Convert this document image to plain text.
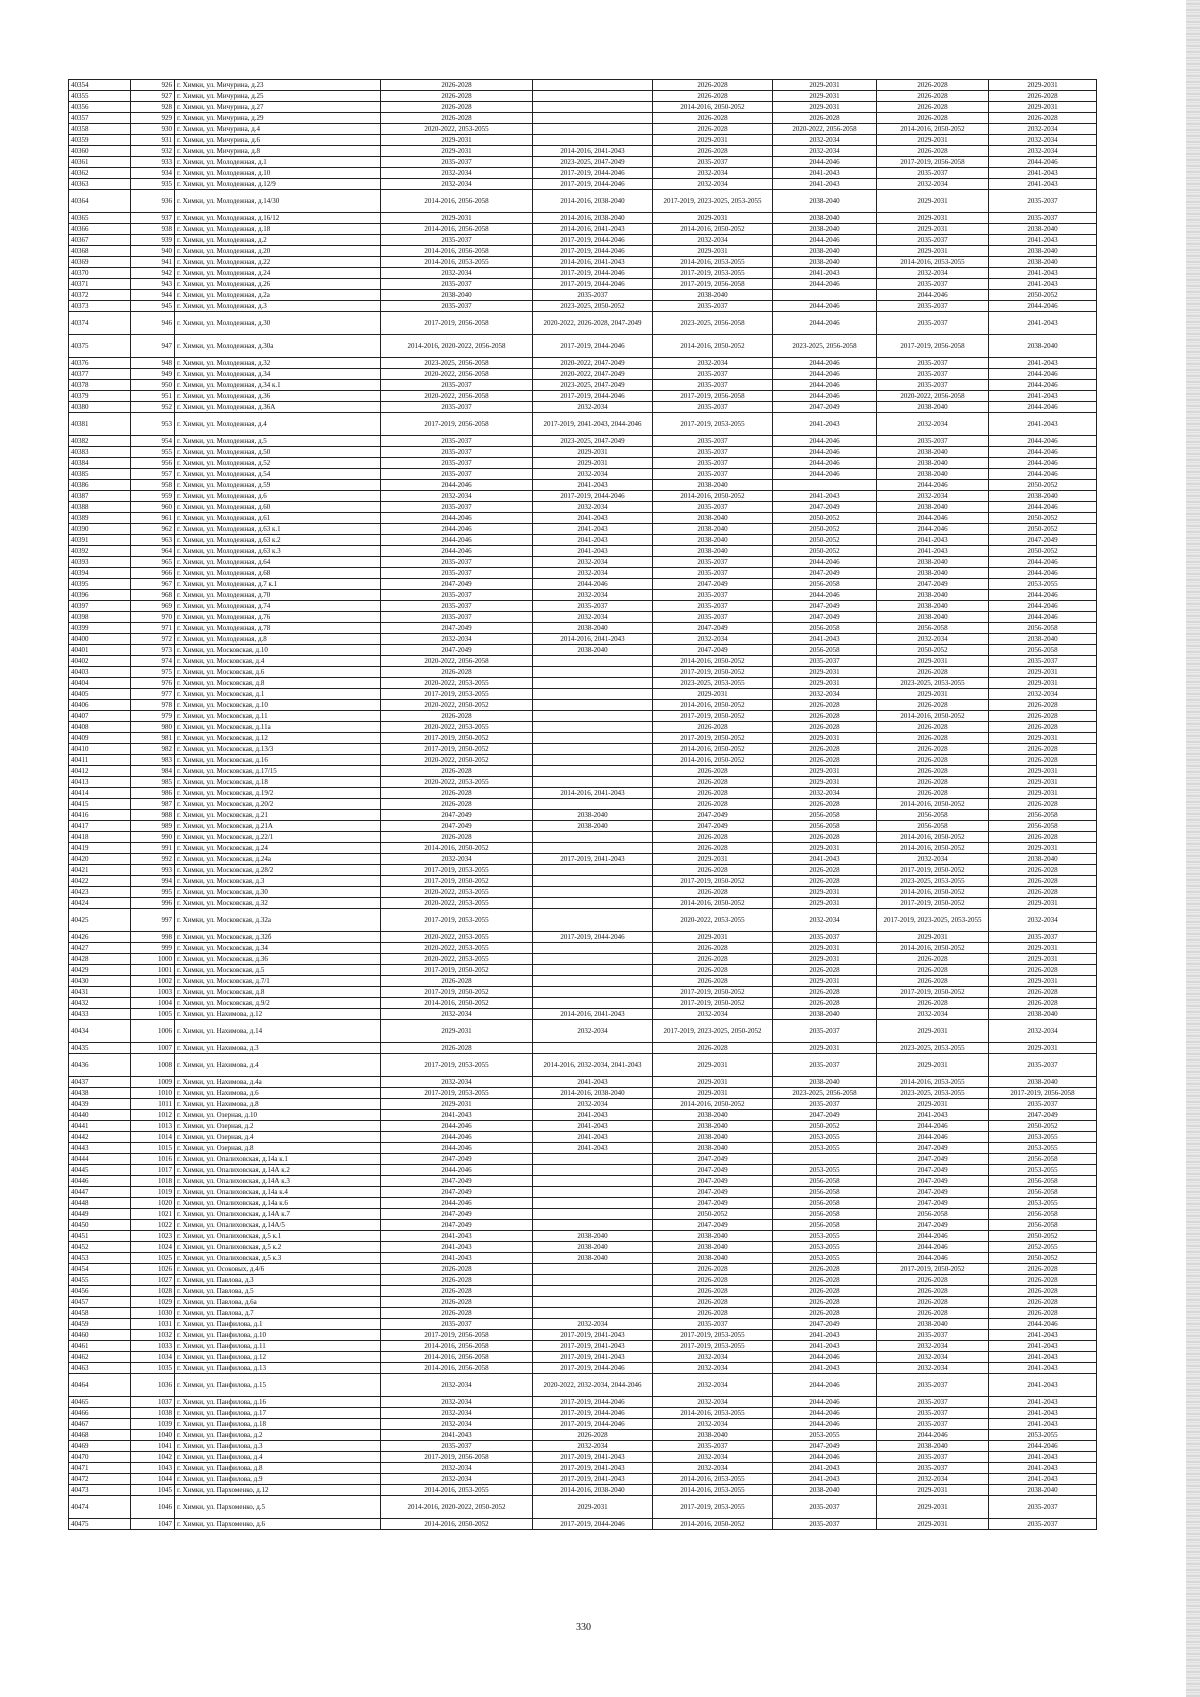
40354	926	г. Химки, ул. Мичурина, д.23	2026-2028		2026-2028	2029-2031	2026-2028	2029-2031
40355	927	г. Химки, ул. Мичурина, д.25	2026-2028		2026-2028	2029-2031	2026-2028	2026-2028
40356	928	г. Химки, ул. Мичурина, д.27	2026-2028		2014-2016, 2050-2052	2029-2031	2026-2028	2029-2031
40357	929	г. Химки, ул. Мичурина, д.29	2026-2028		2026-2028	2026-2028	2026-2028	2026-2028
40358	930	г. Химки, ул. Мичурина, д.4	2020-2022, 2053-2055		2026-2028	2020-2022, 2056-2058	2014-2016, 2050-2052	2032-2034
40359	931	г. Химки, ул. Мичурина, д.6	2029-2031		2029-2031	2032-2034	2029-2031	2032-2034
40360	932	г. Химки, ул. Мичурина, д.8	2029-2031	2014-2016, 2041-2043	2026-2028	2032-2034	2026-2028	2032-2034
40361	933	г. Химки, ул. Молодежная, д.1	2035-2037	2023-2025, 2047-2049	2035-2037	2044-2046	2017-2019, 2056-2058	2044-2046
40362	934	г. Химки, ул. Молодежная, д.10	2032-2034	2017-2019, 2044-2046	2032-2034	2041-2043	2035-2037	2041-2043
40363	935	г. Химки, ул. Молодежная, д.12/9	2032-2034	2017-2019, 2044-2046	2032-2034	2041-2043	2032-2034	2041-2043
40364	936	г. Химки, ул. Молодежная, д.14/30	2014-2016, 2056-2058	2014-2016, 2038-2040	2017-2019, 2023-2025, 2053-2055	2038-2040	2029-2031	2035-2037
40365	937	г. Химки, ул. Молодежная, д.16/12	2029-2031	2014-2016, 2038-2040	2029-2031	2038-2040	2029-2031	2035-2037
40366	938	г. Химки, ул. Молодежная, д.18	2014-2016, 2056-2058	2014-2016, 2041-2043	2014-2016, 2050-2052	2038-2040	2029-2031	2038-2040
40367	939	г. Химки, ул. Молодежная, д.2	2035-2037	2017-2019, 2044-2046	2032-2034	2044-2046	2035-2037	2041-2043
40368	940	г. Химки, ул. Молодежная, д.20	2014-2016, 2056-2058	2017-2019, 2044-2046	2029-2031	2038-2040	2029-2031	2038-2040
40369	941	г. Химки, ул. Молодежная, д.22	2014-2016, 2053-2055	2014-2016, 2041-2043	2014-2016, 2053-2055	2038-2040	2014-2016, 2053-2055	2038-2040
40370	942	г. Химки, ул. Молодежная, д.24	2032-2034	2017-2019, 2044-2046	2017-2019, 2053-2055	2041-2043	2032-2034	2041-2043
40371	943	г. Химки, ул. Молодежная, д.26	2035-2037	2017-2019, 2044-2046	2017-2019, 2056-2058	2044-2046	2035-2037	2041-2043
40372	944	г. Химки, ул. Молодежная, д.2а	2038-2040	2035-2037	2038-2040		2044-2046	2050-2052
40373	945	г. Химки, ул. Молодежная, д.3	2035-2037	2023-2025, 2050-2052	2035-2037	2044-2046	2035-2037	2044-2046
40374	946	г. Химки, ул. Молодежная, д.30	2017-2019, 2056-2058	2020-2022, 2026-2028, 2047-2049	2023-2025, 2056-2058	2044-2046	2035-2037	2041-2043
40375	947	г. Химки, ул. Молодежная, д.30а	2014-2016, 2020-2022, 2056-2058	2017-2019, 2044-2046	2014-2016, 2050-2052	2023-2025, 2056-2058	2017-2019, 2056-2058	2038-2040
40376	948	г. Химки, ул. Молодежная, д.32	2023-2025, 2056-2058	2020-2022, 2047-2049	2032-2034	2044-2046	2035-2037	2041-2043
40377	949	г. Химки, ул. Молодежная, д.34	2020-2022, 2056-2058	2020-2022, 2047-2049	2035-2037	2044-2046	2035-2037	2044-2046
40378	950	г. Химки, ул. Молодежная, д.34 к.1	2035-2037	2023-2025, 2047-2049	2035-2037	2044-2046	2035-2037	2044-2046
40379	951	г. Химки, ул. Молодежная, д.36	2020-2022, 2056-2058	2017-2019, 2044-2046	2017-2019, 2056-2058	2044-2046	2020-2022, 2056-2058	2041-2043
40380	952	г. Химки, ул. Молодежная, д.36А	2035-2037	2032-2034	2035-2037	2047-2049	2038-2040	2044-2046
40381	953	г. Химки, ул. Молодежная, д.4	2017-2019, 2056-2058	2017-2019, 2041-2043, 2044-2046	2017-2019, 2053-2055	2041-2043	2032-2034	2041-2043
40382	954	г. Химки, ул. Молодежная, д.5	2035-2037	2023-2025, 2047-2049	2035-2037	2044-2046	2035-2037	2044-2046
40383	955	г. Химки, ул. Молодежная, д.50	2035-2037	2029-2031	2035-2037	2044-2046	2038-2040	2044-2046
40384	956	г. Химки, ул. Молодежная, д.52	2035-2037	2029-2031	2035-2037	2044-2046	2038-2040	2044-2046
40385	957	г. Химки, ул. Молодежная, д.54	2035-2037	2032-2034	2035-2037	2044-2046	2038-2040	2044-2046
40386	958	г. Химки, ул. Молодежная, д.59	2044-2046	2041-2043	2038-2040		2044-2046	2050-2052
40387	959	г. Химки, ул. Молодежная, д.6	2032-2034	2017-2019, 2044-2046	2014-2016, 2050-2052	2041-2043	2032-2034	2038-2040
40388	960	г. Химки, ул. Молодежная, д.60	2035-2037	2032-2034	2035-2037	2047-2049	2038-2040	2044-2046
40389	961	г. Химки, ул. Молодежная, д.61	2044-2046	2041-2043	2038-2040	2050-2052	2044-2046	2050-2052
40390	962	г. Химки, ул. Молодежная, д.63 к.1	2044-2046	2041-2043	2038-2040	2050-2052	2044-2046	2050-2052
40391	963	г. Химки, ул. Молодежная, д.63 к.2	2044-2046	2041-2043	2038-2040	2050-2052	2041-2043	2047-2049
40392	964	г. Химки, ул. Молодежная, д.63 к.3	2044-2046	2041-2043	2038-2040	2050-2052	2041-2043	2050-2052
40393	965	г. Химки, ул. Молодежная, д.64	2035-2037	2032-2034	2035-2037	2044-2046	2038-2040	2044-2046
40394	966	г. Химки, ул. Молодежная, д.68	2035-2037	2032-2034	2035-2037	2047-2049	2038-2040	2044-2046
40395	967	г. Химки, ул. Молодежная, д.7 к.1	2047-2049	2044-2046	2047-2049	2056-2058	2047-2049	2053-2055
40396	968	г. Химки, ул. Молодежная, д.70	2035-2037	2032-2034	2035-2037	2044-2046	2038-2040	2044-2046
40397	969	г. Химки, ул. Молодежная, д.74	2035-2037	2035-2037	2035-2037	2047-2049	2038-2040	2044-2046
40398	970	г. Химки, ул. Молодежная, д.76	2035-2037	2032-2034	2035-2037	2047-2049	2038-2040	2044-2046
40399	971	г. Химки, ул. Молодежная, д.78	2047-2049	2038-2040	2047-2049	2056-2058	2056-2058	2056-2058
40400	972	г. Химки, ул. Молодежная, д.8	2032-2034	2014-2016, 2041-2043	2032-2034	2041-2043	2032-2034	2038-2040
40401	973	г. Химки, ул. Московская, д.10	2047-2049	2038-2040	2047-2049	2056-2058	2050-2052	2056-2058
40402	974	г. Химки, ул. Московская, д.4	2020-2022, 2056-2058		2014-2016, 2050-2052	2035-2037	2029-2031	2035-2037
40403	975	г. Химки, ул. Московская, д.6	2026-2028		2017-2019, 2050-2052	2029-2031	2026-2028	2029-2031
40404	976	г. Химки, ул. Московская, д.8	2020-2022, 2053-2055		2023-2025, 2053-2055	2029-2031	2023-2025, 2053-2055	2029-2031
40405	977	г. Химки, ул. Московская, д.1	2017-2019, 2053-2055		2029-2031	2032-2034	2029-2031	2032-2034
40406	978	г. Химки, ул. Московская, д.10	2020-2022, 2050-2052		2014-2016, 2050-2052	2026-2028	2026-2028	2026-2028
40407	979	г. Химки, ул. Московская, д.11	2026-2028		2017-2019, 2050-2052	2026-2028	2014-2016, 2050-2052	2026-2028
40408	980	г. Химки, ул. Московская, д.11а	2020-2022, 2053-2055		2026-2028	2026-2028	2026-2028	2026-2028
40409	981	г. Химки, ул. Московская, д.12	2017-2019, 2050-2052		2017-2019, 2050-2052	2029-2031	2026-2028	2029-2031
40410	982	г. Химки, ул. Московская, д.13/3	2017-2019, 2050-2052		2014-2016, 2050-2052	2026-2028	2026-2028	2026-2028
40411	983	г. Химки, ул. Московская, д.16	2020-2022, 2050-2052		2014-2016, 2050-2052	2026-2028	2026-2028	2026-2028
40412	984	г. Химки, ул. Московская, д.17/15	2026-2028		2026-2028	2029-2031	2026-2028	2029-2031
40413	985	г. Химки, ул. Московская, д.18	2020-2022, 2053-2055		2026-2028	2029-2031	2026-2028	2029-2031
40414	986	г. Химки, ул. Московская, д.19/2	2026-2028	2014-2016, 2041-2043	2026-2028	2032-2034	2026-2028	2029-2031
40415	987	г. Химки, ул. Московская, д.20/2	2026-2028		2026-2028	2026-2028	2014-2016, 2050-2052	2026-2028
40416	988	г. Химки, ул. Московская, д.21	2047-2049	2038-2040	2047-2049	2056-2058	2056-2058	2056-2058
40417	989	г. Химки, ул. Московская, д.21А	2047-2049	2038-2040	2047-2049	2056-2058	2056-2058	2056-2058
40418	990	г. Химки, ул. Московская, д.22/1	2026-2028		2026-2028	2026-2028	2014-2016, 2050-2052	2026-2028
40419	991	г. Химки, ул. Московская, д.24	2014-2016, 2050-2052		2026-2028	2029-2031	2014-2016, 2050-2052	2029-2031
40420	992	г. Химки, ул. Московская, д.24а	2032-2034	2017-2019, 2041-2043	2029-2031	2041-2043	2032-2034	2038-2040
40421	993	г. Химки, ул. Московская, д.28/2	2017-2019, 2053-2055		2026-2028	2026-2028	2017-2019, 2050-2052	2026-2028
40422	994	г. Химки, ул. Московская, д.3	2017-2019, 2050-2052		2017-2019, 2050-2052	2026-2028	2023-2025, 2053-2055	2026-2028
40423	995	г. Химки, ул. Московская, д.30	2020-2022, 2053-2055		2026-2028	2029-2031	2014-2016, 2050-2052	2026-2028
40424	996	г. Химки, ул. Московская, д.32	2020-2022, 2053-2055		2014-2016, 2050-2052	2029-2031	2017-2019, 2050-2052	2029-2031
40425	997	г. Химки, ул. Московская, д.32а	2017-2019, 2053-2055		2020-2022, 2053-2055	2032-2034	2017-2019, 2023-2025, 2053-2055	2032-2034
40426	998	г. Химки, ул. Московская, д.32б	2020-2022, 2053-2055	2017-2019, 2044-2046	2029-2031	2035-2037	2029-2031	2035-2037
40427	999	г. Химки, ул. Московская, д.34	2020-2022, 2053-2055		2026-2028	2029-2031	2014-2016, 2050-2052	2029-2031
40428	1000	г. Химки, ул. Московская, д.36	2020-2022, 2053-2055		2026-2028	2029-2031	2026-2028	2029-2031
40429	1001	г. Химки, ул. Московская, д.5	2017-2019, 2050-2052		2026-2028	2026-2028	2026-2028	2026-2028
40430	1002	г. Химки, ул. Московская, д.7/1	2026-2028		2026-2028	2029-2031	2026-2028	2029-2031
40431	1003	г. Химки, ул. Московская, д.8	2017-2019, 2050-2052		2017-2019, 2050-2052	2026-2028	2017-2019, 2050-2052	2026-2028
40432	1004	г. Химки, ул. Московская, д.9/2	2014-2016, 2050-2052		2017-2019, 2050-2052	2026-2028	2026-2028	2026-2028
40433	1005	г. Химки, ул. Нахимова, д.12	2032-2034	2014-2016, 2041-2043	2032-2034	2038-2040	2032-2034	2038-2040
40434	1006	г. Химки, ул. Нахимова, д.14	2029-2031	2032-2034	2017-2019, 2023-2025, 2050-2052	2035-2037	2029-2031	2032-2034
40435	1007	г. Химки, ул. Нахимова, д.3	2026-2028		2026-2028	2029-2031	2023-2025, 2053-2055	2029-2031
40436	1008	г. Химки, ул. Нахимова, д.4	2017-2019, 2053-2055	2014-2016, 2032-2034, 2041-2043	2029-2031	2035-2037	2029-2031	2035-2037
40437	1009	г. Химки, ул. Нахимова, д.4а	2032-2034	2041-2043	2029-2031	2038-2040	2014-2016, 2053-2055	2038-2040
40438	1010	г. Химки, ул. Нахимова, д.6	2017-2019, 2053-2055	2014-2016, 2038-2040	2029-2031	2023-2025, 2056-2058	2023-2025, 2053-2055	2017-2019, 2056-2058
40439	1011	г. Химки, ул. Нахимова, д.8	2029-2031	2032-2034	2014-2016, 2050-2052	2035-2037	2029-2031	2035-2037
40440	1012	г. Химки, ул. Озерная, д.10	2041-2043	2041-2043	2038-2040	2047-2049	2041-2043	2047-2049
40441	1013	г. Химки, ул. Озерная, д.2	2044-2046	2041-2043	2038-2040	2050-2052	2044-2046	2050-2052
40442	1014	г. Химки, ул. Озерная, д.4	2044-2046	2041-2043	2038-2040	2053-2055	2044-2046	2053-2055
40443	1015	г. Химки, ул. Озерная, д.8	2044-2046	2041-2043	2038-2040	2053-2055	2047-2049	2053-2055
40444	1016	г. Химки, ул. Опалиховская, д.14а к.1	2047-2049		2047-2049		2047-2049	2056-2058
40445	1017	г. Химки, ул. Опалиховская, д.14А к.2	2044-2046		2047-2049	2053-2055	2047-2049	2053-2055
40446	1018	г. Химки, ул. Опалиховская, д.14А к.3	2047-2049		2047-2049	2056-2058	2047-2049	2056-2058
40447	1019	г. Химки, ул. Опалиховская, д.14а к.4	2047-2049		2047-2049	2056-2058	2047-2049	2056-2058
40448	1020	г. Химки, ул. Опалиховская, д.14а к.6	2044-2046		2047-2049	2056-2058	2047-2049	2053-2055
40449	1021	г. Химки, ул. Опалиховская, д.14А к.7	2047-2049		2050-2052	2056-2058	2056-2058	2056-2058
40450	1022	г. Химки, ул. Опалиховская, д.14А/5	2047-2049		2047-2049	2056-2058	2047-2049	2056-2058
40451	1023	г. Химки, ул. Опалиховская, д.5 к.1	2041-2043	2038-2040	2038-2040	2053-2055	2044-2046	2050-2052
40452	1024	г. Химки, ул. Опалиховская, д.5 к.2	2041-2043	2038-2040	2038-2040	2053-2055	2044-2046	2052-2055
40453	1025	г. Химки, ул. Опалиховская, д.5 к.3	2041-2043	2038-2040	2038-2040	2053-2055	2044-2046	2050-2052
40454	1026	г. Химки, ул. Осоковых, д.4/6	2026-2028		2026-2028	2026-2028	2017-2019, 2050-2052	2026-2028
40455	1027	г. Химки, ул. Павлова, д.3	2026-2028		2026-2028	2026-2028	2026-2028	2026-2028
40456	1028	г. Химки, ул. Павлова, д.5	2026-2028		2026-2028	2026-2028	2026-2028	2026-2028
40457	1029	г. Химки, ул. Павлова, д.6а	2026-2028		2026-2028	2026-2028	2026-2028	2026-2028
40458	1030	г. Химки, ул. Павлова, д.7	2026-2028		2026-2028	2026-2028	2026-2028	2026-2028
40459	1031	г. Химки, ул. Панфилова, д.1	2035-2037	2032-2034	2035-2037	2047-2049	2038-2040	2044-2046
40460	1032	г. Химки, ул. Панфилова, д.10	2017-2019, 2056-2058	2017-2019, 2041-2043	2017-2019, 2053-2055	2041-2043	2035-2037	2041-2043
40461	1033	г. Химки, ул. Панфилова, д.11	2014-2016, 2056-2058	2017-2019, 2041-2043	2017-2019, 2053-2055	2041-2043	2032-2034	2041-2043
40462	1034	г. Химки, ул. Панфилова, д.12	2014-2016, 2056-2058	2017-2019, 2041-2043	2032-2034	2044-2046	2032-2034	2041-2043
40463	1035	г. Химки, ул. Панфилова, д.13	2014-2016, 2056-2058	2017-2019, 2044-2046	2032-2034	2041-2043	2032-2034	2041-2043
40464	1036	г. Химки, ул. Панфилова, д.15	2032-2034	2020-2022, 2032-2034, 2044-2046	2032-2034	2044-2046	2035-2037	2041-2043
40465	1037	г. Химки, ул. Панфилова, д.16	2032-2034	2017-2019, 2044-2046	2032-2034	2044-2046	2035-2037	2041-2043
40466	1038	г. Химки, ул. Панфилова, д.17	2032-2034	2017-2019, 2044-2046	2014-2016, 2053-2055	2044-2046	2035-2037	2041-2043
40467	1039	г. Химки, ул. Панфилова, д.18	2032-2034	2017-2019, 2044-2046	2032-2034	2044-2046	2035-2037	2041-2043
40468	1040	г. Химки, ул. Панфилова, д.2	2041-2043	2026-2028	2038-2040	2053-2055	2044-2046	2053-2055
40469	1041	г. Химки, ул. Панфилова, д.3	2035-2037	2032-2034	2035-2037	2047-2049	2038-2040	2044-2046
40470	1042	г. Химки, ул. Панфилова, д.4	2017-2019, 2056-2058	2017-2019, 2041-2043	2032-2034	2044-2046	2035-2037	2041-2043
40471	1043	г. Химки, ул. Панфилова, д.8	2032-2034	2017-2019, 2041-2043	2032-2034	2041-2043	2035-2037	2041-2043
40472	1044	г. Химки, ул. Панфилова, д.9	2032-2034	2017-2019, 2041-2043	2014-2016, 2053-2055	2041-2043	2032-2034	2041-2043
40473	1045	г. Химки, ул. Пархоменко, д.12	2014-2016, 2053-2055	2014-2016, 2038-2040	2014-2016, 2053-2055	2038-2040	2029-2031	2038-2040
40474	1046	г. Химки, ул. Пархоменко, д.5	2014-2016, 2020-2022, 2050-2052	2029-2031	2017-2019, 2053-2055	2035-2037	2029-2031	2035-2037
40475	1047	г. Химки, ул. Пархоменко, д.6	2014-2016, 2050-2052	2017-2019, 2044-2046	2014-2016, 2050-2052	2035-2037	2029-2031	2035-2037
330
